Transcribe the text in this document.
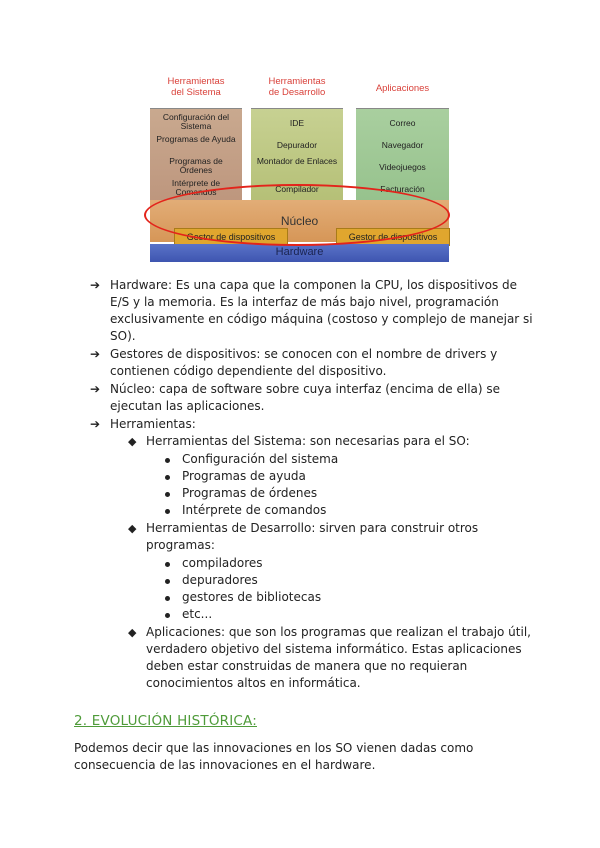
Herramientas
del Sistema
Herramientas
de Desarrollo	Aplicaciones
Configuración del Sistema
Programas de Ayuda
Programas de Órdenes
Intérprete de Comandos
IDE
Depurador
Montador de Enlaces
Compilador
Correo
Navegador
Videojuegos
Facturación
Núcleo
Gestor de dispositivos	Gestor de dispositivos
Hardware
➔ Hardware: Es una capa que la componen la CPU, los dispositivos de
E/S y la memoria. Es la interfaz de más bajo nivel, programación
exclusivamente en código máquina (costoso y complejo de manejar si
SO).
➔ Gestores de dispositivos: se conocen con el nombre de drivers y
contienen código dependiente del dispositivo.
➔ Núcleo: capa de software sobre cuya interfaz (encima de ella) se
ejecutan las aplicaciones.
➔ Herramientas:
◆ Herramientas del Sistema: son necesarias para el SO:
Configuración del sistema
Programas de ayuda
Programas de órdenes
Intérprete de comandos
◆ Herramientas de Desarrollo: sirven para construir otros
programas:
compiladores
depuradores
gestores de bibliotecas
etc...
◆ Aplicaciones: que son los programas que realizan el trabajo útil,
verdadero objetivo del sistema informático. Estas aplicaciones
deben estar construidas de manera que no requieran
conocimientos altos en informática.
2. EVOLUCIÓN HISTÓRICA:
Podemos decir que las innovaciones en los SO vienen dadas como
consecuencia de las innovaciones en el hardware.
